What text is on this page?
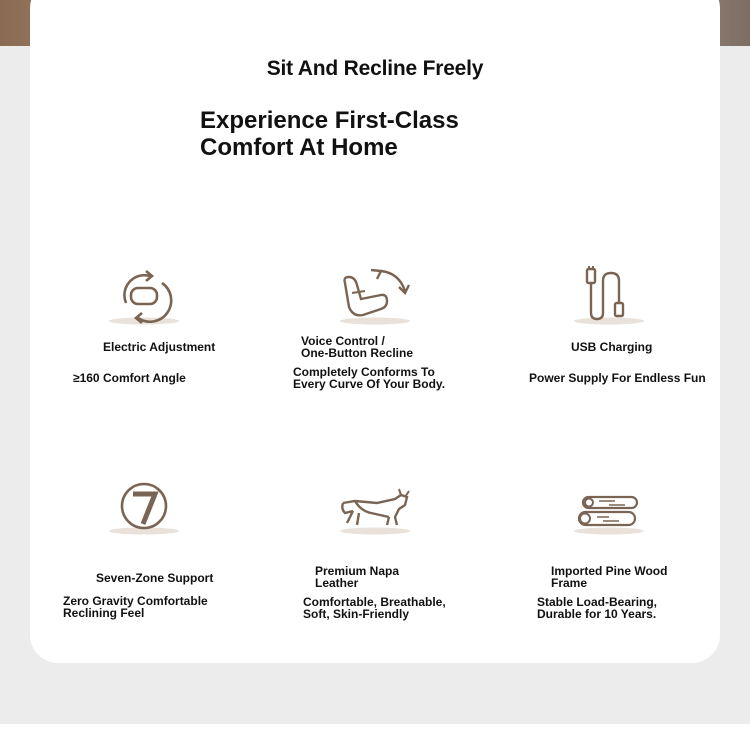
Sit And Recline Freely
Experience First-Class
Comfort At Home
Electric Adjustment
≥160 Comfort Angle
Voice Control /
One-Button Recline
Completely Conforms To
Every Curve Of Your Body.
USB Charging
Power Supply For Endless Fun
Seven-Zone Support
Zero Gravity Comfortable
Reclining Feel
Premium Napa
Leather
Comfortable, Breathable,
Soft, Skin-Friendly
Imported Pine Wood
Frame
Stable Load-Bearing,
Durable for 10 Years.
